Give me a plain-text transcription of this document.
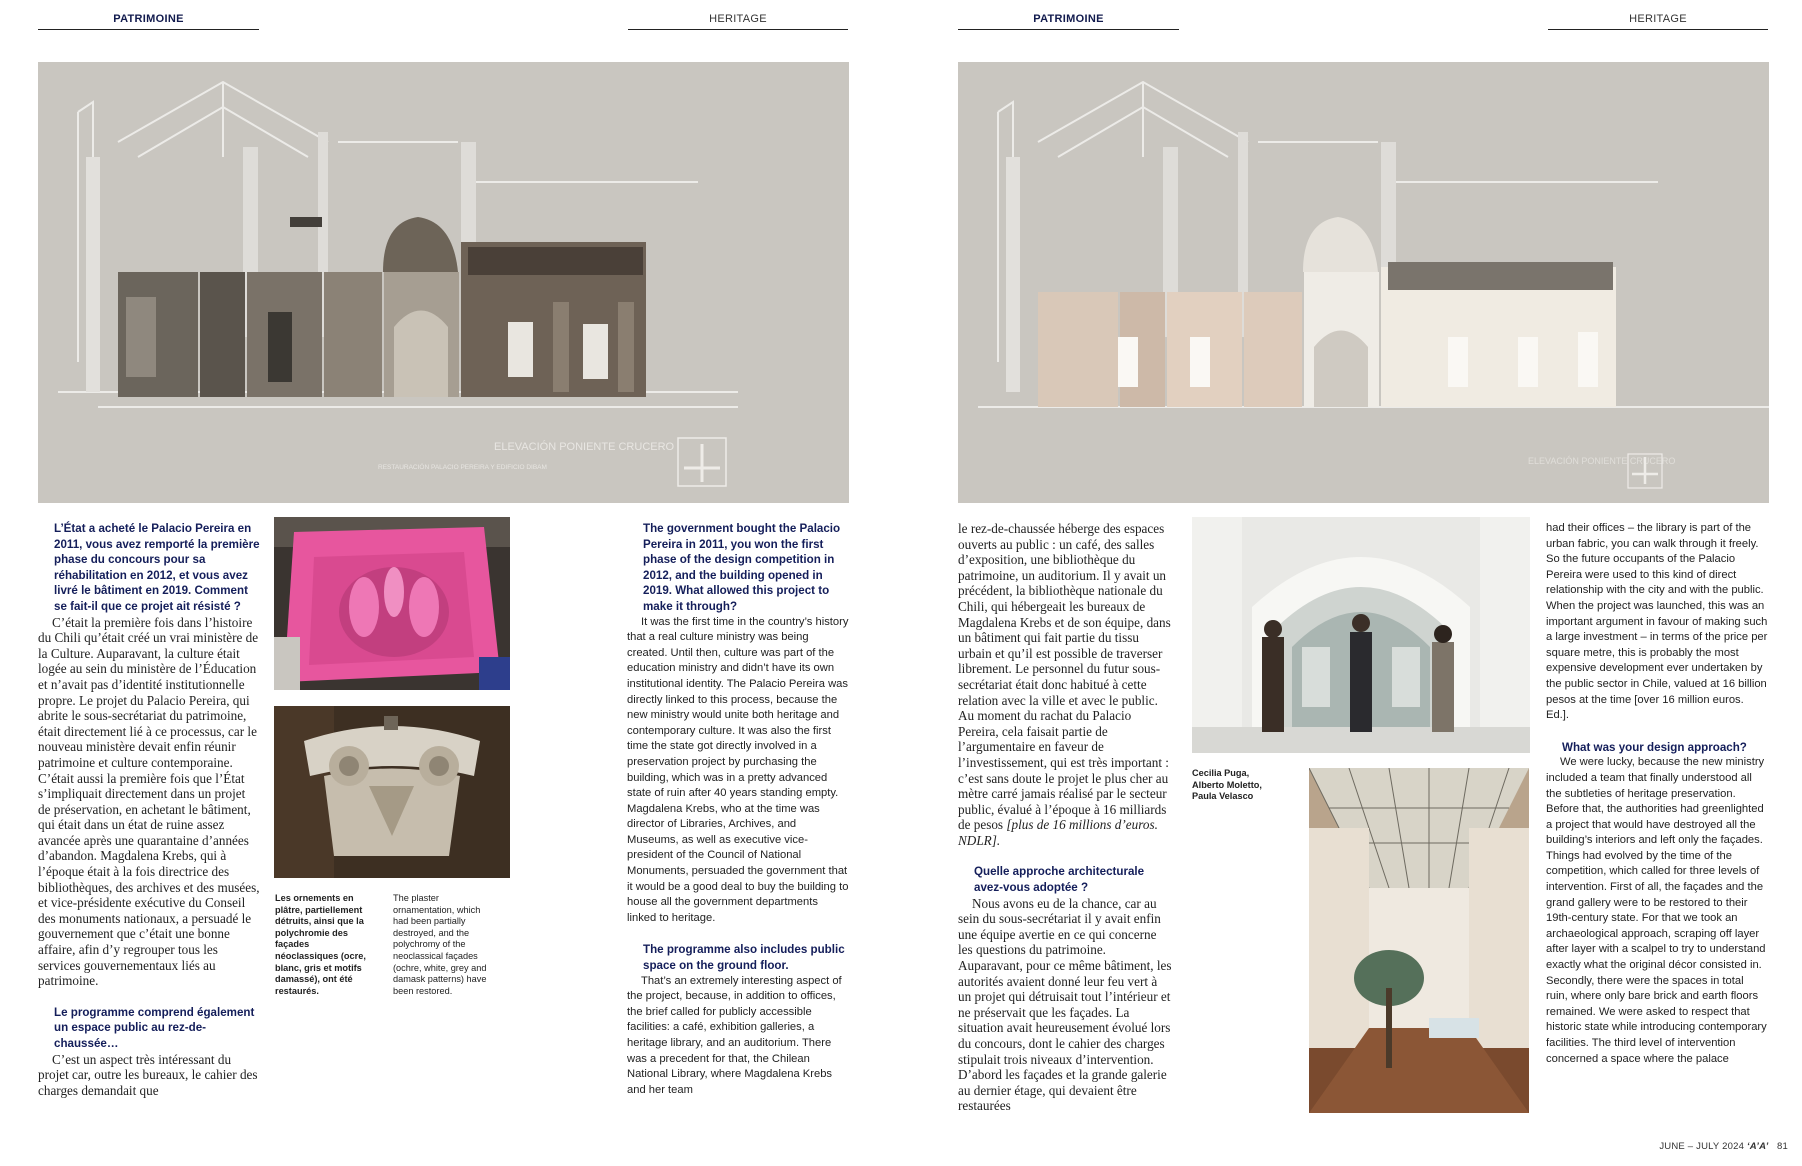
PATRIMOINE	HERITAGE	PATRIMOINE	HERITAGE
ELEVACIÓN PONIENTE CRUCERO
RESTAURACIÓN PALACIO PEREIRA Y EDIFICIO DIBAM
ELEVACIÓN PONIENTE CRUCERO

L’État a acheté le Palacio Pereira en 2011, vous avez remporté la première phase du concours pour sa réhabilitation en 2012, et vous avez livré le bâtiment en 2019. Comment se fait-il que ce projet ait résisté ?

C’était la première fois dans l’histoire du Chili qu’était créé un vrai ministère de la Culture. Auparavant, la culture était logée au sein du ministère de l’Éducation et n’avait pas d’identité institutionnelle propre. Le projet du Palacio Pereira, qui abrite le sous-secrétariat du patrimoine, était directement lié à ce processus, car le nouveau ministère devait enfin réunir patrimoine et culture contemporaine. C’était aussi la première fois que l’État s’impliquait directement dans un projet de préservation, en achetant le bâtiment, qui était dans un état de ruine assez avancée après une quarantaine d’années d’abandon. Magdalena Krebs, qui à l’époque était à la fois directrice des bibliothèques, des archives et des musées, et vice-présidente exécutive du Conseil des monuments nationaux, a persuadé le gouvernement que c’était une bonne affaire, afin d’y regrouper tous les services gouvernementaux liés au patrimoine.

Le programme comprend également un espace public au rez-de-chaussée…

C’est un aspect très intéressant du projet car, outre les bureaux, le cahier des charges demandait que

Les ornements en plâtre, partiellement détruits, ainsi que la polychromie des façades néoclassiques (ocre, blanc, gris et motifs damassé), ont été restaurés.
The plaster ornamentation, which had been partially destroyed, and the polychromy of the neoclassical façades (ochre, white, grey and damask patterns) have been restored.

The government bought the Palacio Pereira in 2011, you won the first phase of the design competition in 2012, and the building opened in 2019. What allowed this project to make it through?

It was the first time in the country’s history that a real culture ministry was being created. Until then, culture was part of the education ministry and didn’t have its own institutional identity. The Palacio Pereira was directly linked to this process, because the new ministry would unite both heritage and contemporary culture. It was also the first time the state got directly involved in a preservation project by purchasing the building, which was in a pretty advanced state of ruin after 40 years standing empty. Magdalena Krebs, who at the time was director of Libraries, Archives, and Museums, as well as executive vice-president of the Council of National Monuments, persuaded the government that it would be a good deal to buy the building to house all the government departments linked to heritage.

The programme also includes public space on the ground floor.

That’s an extremely interesting aspect of the project, because, in addition to offices, the brief called for publicly accessible facilities: a café, exhibition galleries, a heritage library, and an auditorium. There was a precedent for that, the Chilean National Library, where Magdalena Krebs and her team

le rez-de-chaussée héberge des espaces ouverts au public : un café, des salles d’exposition, une bibliothèque du patrimoine, un auditorium. Il y avait un précédent, la bibliothèque nationale du Chili, qui hébergeait les bureaux de Magdalena Krebs et de son équipe, dans un bâtiment qui fait partie du tissu urbain et qu’il est possible de traverser librement. Le personnel du futur sous-secrétariat était donc habitué à cette relation avec la ville et avec le public. Au moment du rachat du Palacio Pereira, cela faisait partie de l’argumentaire en faveur de l’investissement, qui est très important : c’est sans doute le projet le plus cher au mètre carré jamais réalisé par le secteur public, évalué à l’époque à 16 milliards de pesos [plus de 16 millions d’euros. NDLR].

Quelle approche architecturale avez-vous adoptée ?

Nous avons eu de la chance, car au sein du sous-secrétariat il y avait enfin une équipe avertie en ce qui concerne les questions du patrimoine. Auparavant, pour ce même bâtiment, les autorités avaient donné leur feu vert à un projet qui détruisait tout l’intérieur et ne préservait que les façades. La situation avait heureusement évolué lors du concours, dont le cahier des charges stipulait trois niveaux d’intervention. D’abord les façades et la grande galerie au dernier étage, qui devaient être restaurées

Cecilia Puga, Alberto Moletto, Paula Velasco

had their offices – the library is part of the urban fabric, you can walk through it freely. So the future occupants of the Palacio Pereira were used to this kind of direct relationship with the city and with the public. When the project was launched, this was an important argument in favour of making such a large investment – in terms of the price per square metre, this is probably the most expensive development ever undertaken by the public sector in Chile, valued at 16 billion pesos at the time [over 16 million euros. Ed.].

What was your design approach?

We were lucky, because the new ministry included a team that finally understood all the subtleties of heritage preservation. Before that, the authorities had greenlighted a project that would have destroyed all the building’s interiors and left only the façades. Things had evolved by the time of the competition, which called for three levels of intervention. First of all, the façades and the grand gallery were to be restored to their 19th-century state. For that we took an archaeological approach, scraping off layer after layer with a scalpel to try to understand exactly what the original décor consisted in. Secondly, there were the spaces in total ruin, where only bare brick and earth floors remained. We were asked to respect that historic state while introducing contemporary facilities. The third level of intervention concerned a space where the palace

JUNE – JULY 2024 ‘A’A’ 81
